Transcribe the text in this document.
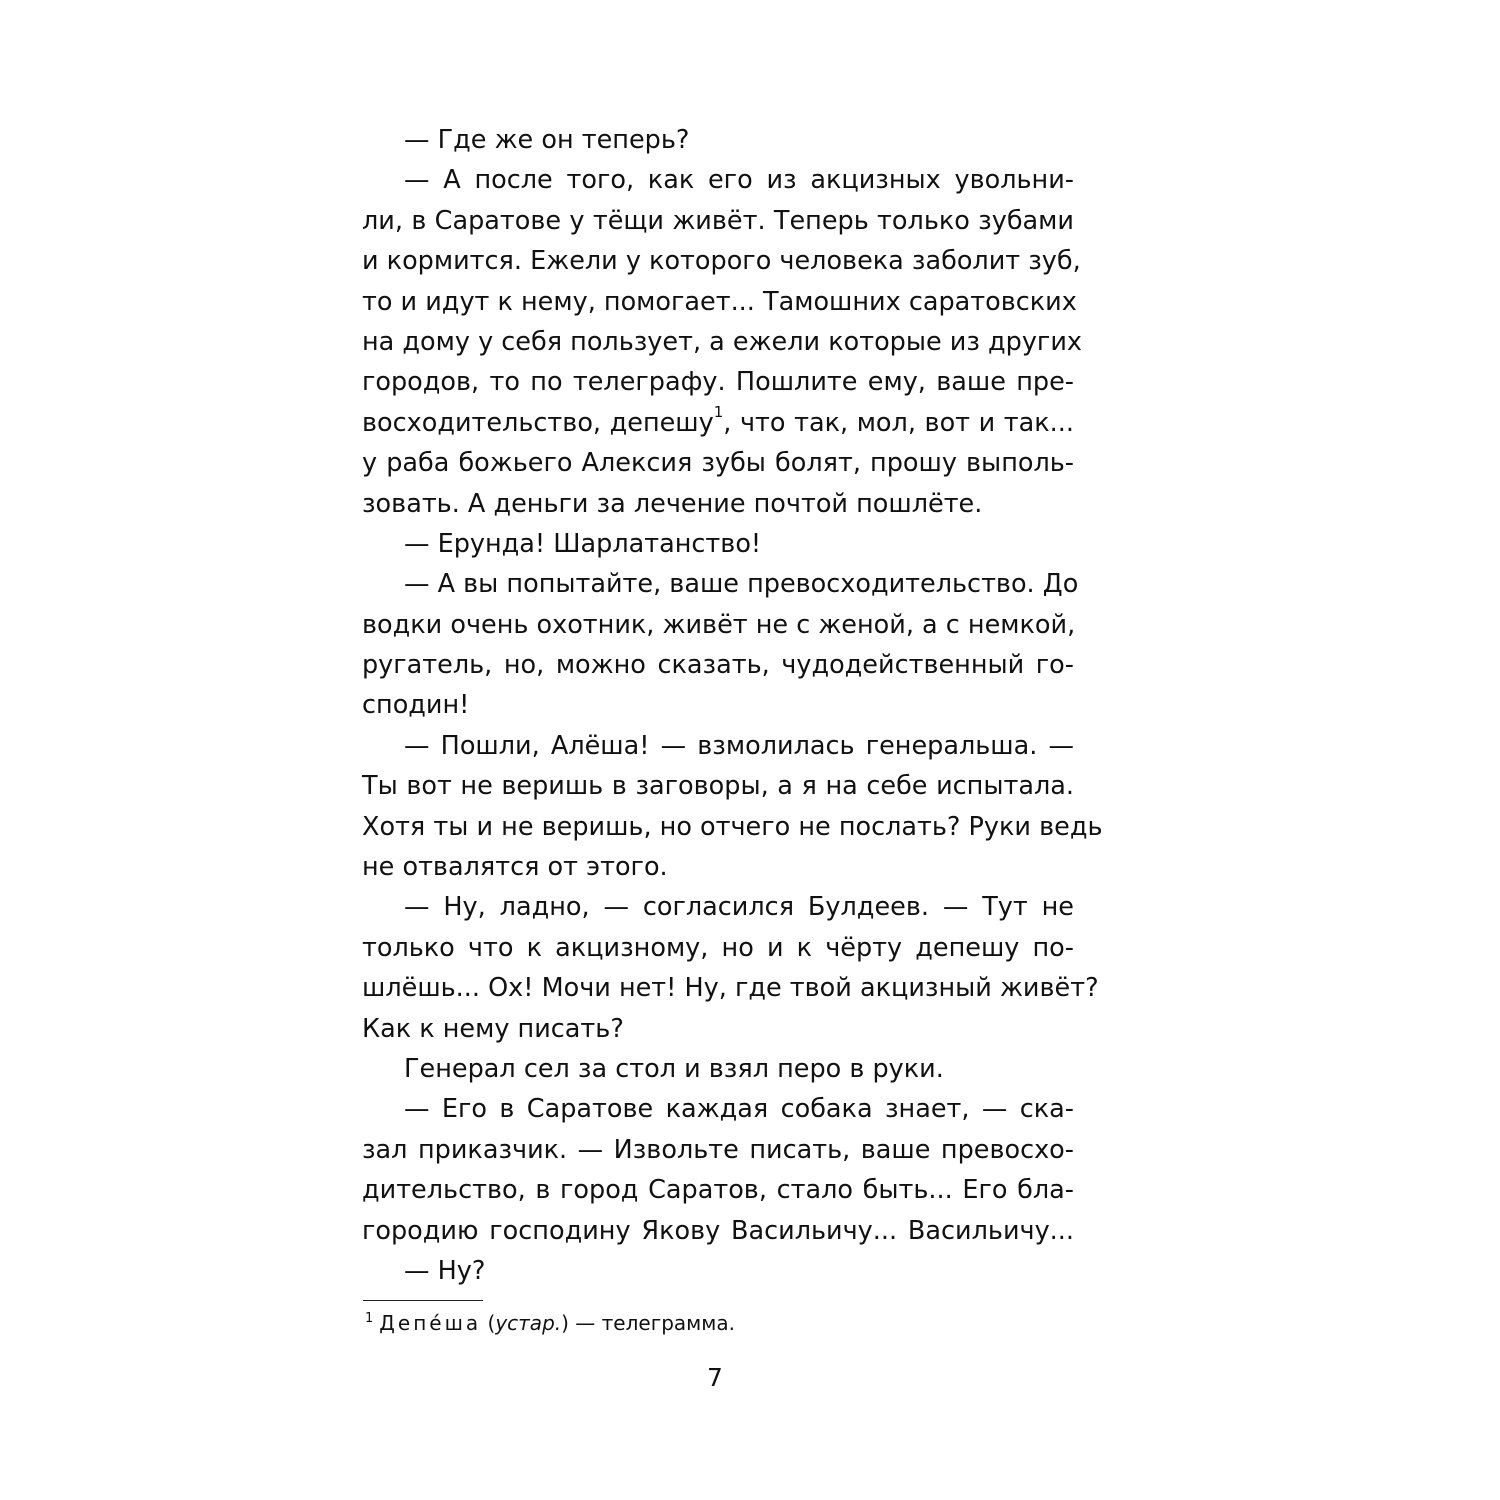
— Где же он теперь?
— А после того, как его из акцизных увольни-
ли, в Саратове у тёщи живёт. Теперь только зубами
и кормится. Ежели у которого человека заболит зуб,
то и идут к нему, помогает... Тамошних саратовских
на дому у себя пользует, а ежели которые из других
городов, то по телеграфу. Пошлите ему, ваше пре-
восходительство, депешу$^1$, что так, мол, вот и так...
у раба божьего Алексия зубы болят, прошу выполь-
зовать. А деньги за лечение почтой пошлёте.
— Ерунда! Шарлатанство!
— А вы попытайте, ваше превосходительство. До
водки очень охотник, живёт не с женой, а с немкой,
ругатель, но, можно сказать, чудодейственный го-
сподин!
— Пошли, Алёша! — взмолилась генеральша. —
Ты вот не веришь в заговоры, а я на себе испытала.
Хотя ты и не веришь, но отчего не послать? Руки ведь
не отвалятся от этого.
— Ну, ладно, — согласился Булдеев. — Тут не
только что к акцизному, но и к чёрту депешу по-
шлёшь... Ох! Мочи нет! Ну, где твой акцизный живёт?
Как к нему писать?
Генерал сел за стол и взял перо в руки.
— Его в Саратове каждая собака знает, — ска-
зал приказчик. — Извольте писать, ваше превосхо-
дительство, в город Саратов, стало быть... Его бла-
городию господину Якову Васильичу... Васильичу...
— Ну?
$^1$ Депе́ша (устар.) — телеграмма.
7
